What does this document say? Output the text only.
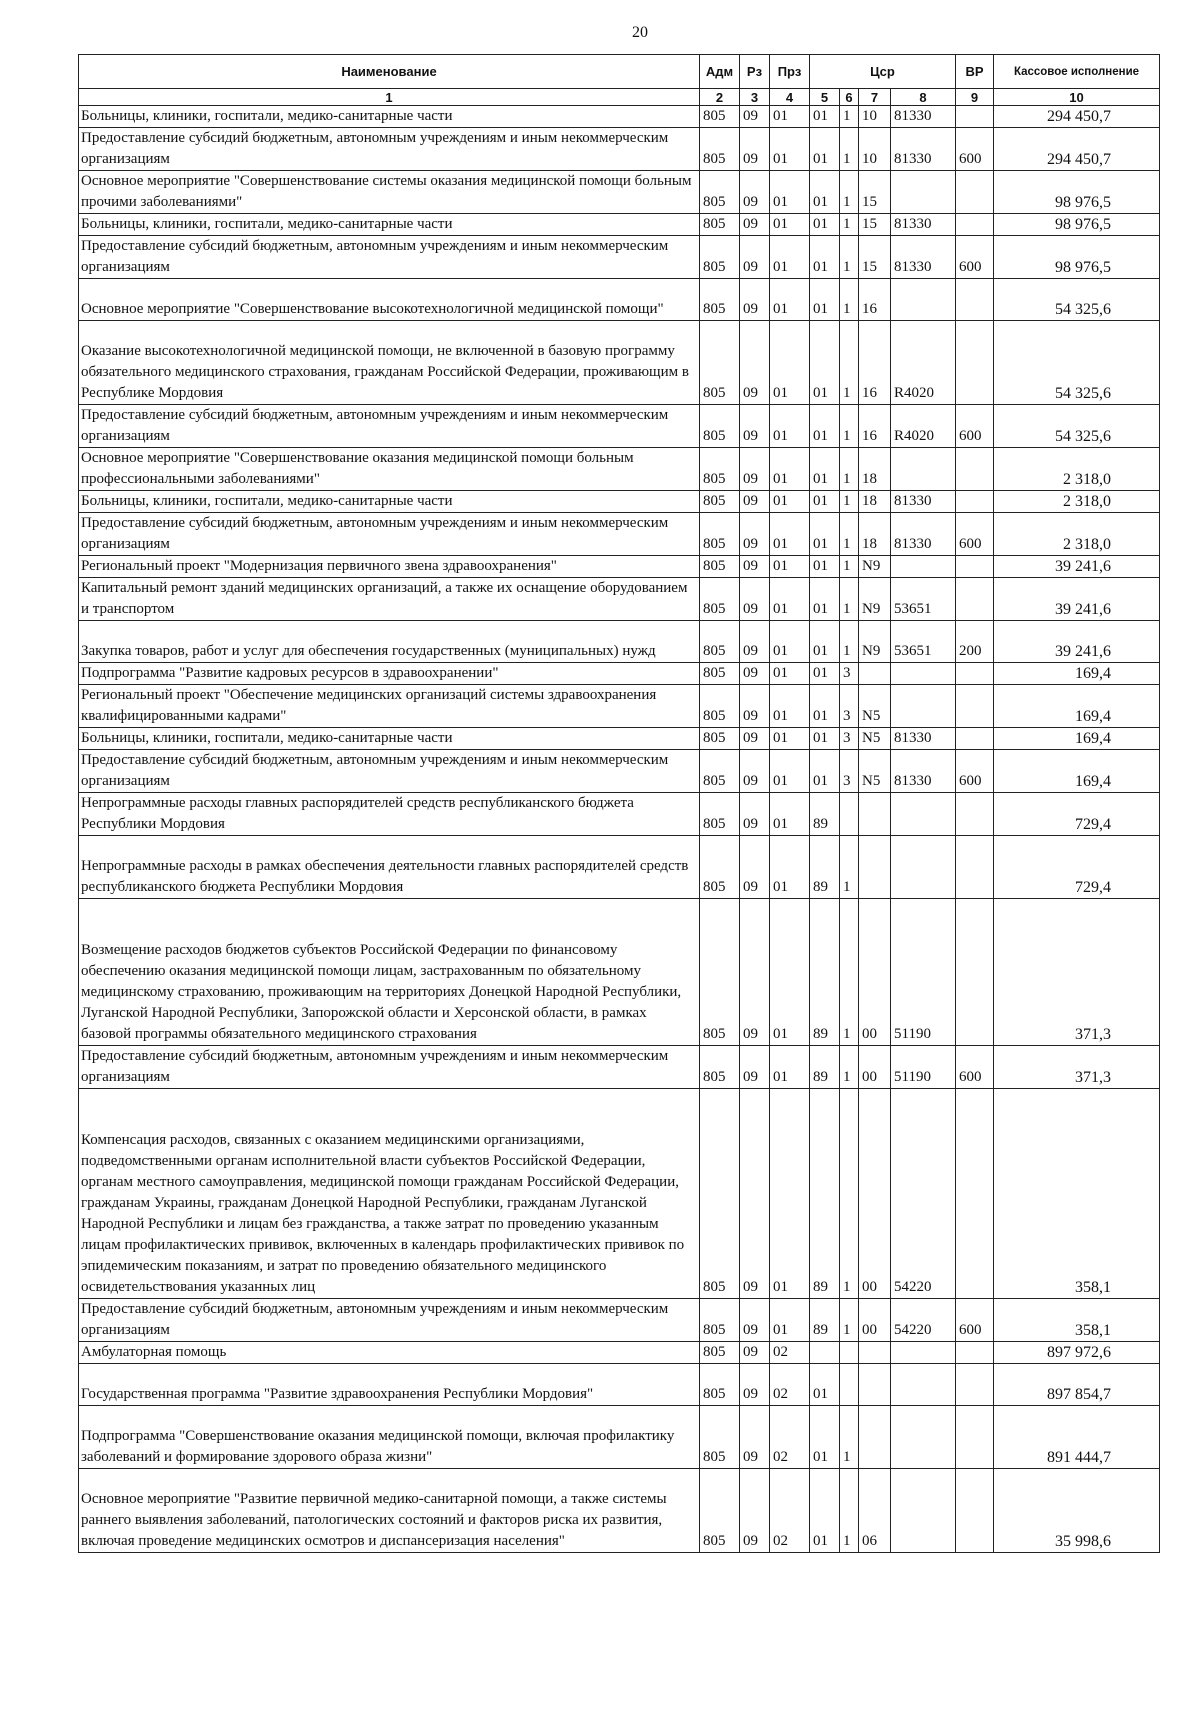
20
Наименование	Адм	Рз	Прз	Цср				ВР	Кассовое исполнение
1	2	3	4	5	6	7	8	9	10
Больницы, клиники, госпитали, медико-санитарные части	805	09	01	01	1	10	81330		294 450,7
Предоставление субсидий бюджетным, автономным учреждениям и иным некоммерческим организациям	805	09	01	01	1	10	81330	600	294 450,7
Основное мероприятие "Совершенствование системы оказания медицинской помощи больным прочими заболеваниями"	805	09	01	01	1	15			98 976,5
Больницы, клиники, госпитали, медико-санитарные части	805	09	01	01	1	15	81330		98 976,5
Предоставление субсидий бюджетным, автономным учреждениям и иным некоммерческим организациям	805	09	01	01	1	15	81330	600	98 976,5
Основное мероприятие "Совершенствование высокотехнологичной медицинской помощи"	805	09	01	01	1	16			54 325,6
Оказание высокотехнологичной медицинской помощи, не включенной в базовую программу обязательного медицинского страхования, гражданам Российской Федерации, проживающим в Республике Мордовия	805	09	01	01	1	16	R4020		54 325,6
Предоставление субсидий бюджетным, автономным учреждениям и иным некоммерческим организациям	805	09	01	01	1	16	R4020	600	54 325,6
Основное мероприятие "Совершенствование оказания медицинской помощи больным профессиональными заболеваниями"	805	09	01	01	1	18			2 318,0
Больницы, клиники, госпитали, медико-санитарные части	805	09	01	01	1	18	81330		2 318,0
Предоставление субсидий бюджетным, автономным учреждениям и иным некоммерческим организациям	805	09	01	01	1	18	81330	600	2 318,0
Региональный проект "Модернизация первичного звена здравоохранения"	805	09	01	01	1	N9			39 241,6
Капитальный ремонт зданий медицинских организаций, а также их оснащение оборудованием и транспортом	805	09	01	01	1	N9	53651		39 241,6
Закупка товаров, работ и услуг для обеспечения государственных (муниципальных) нужд	805	09	01	01	1	N9	53651	200	39 241,6
Подпрограмма "Развитие кадровых ресурсов в здравоохранении"	805	09	01	01	3				169,4
Региональный проект "Обеспечение медицинских организаций системы здравоохранения квалифицированными кадрами"	805	09	01	01	3	N5			169,4
Больницы, клиники, госпитали, медико-санитарные части	805	09	01	01	3	N5	81330		169,4
Предоставление субсидий бюджетным, автономным учреждениям и иным некоммерческим организациям	805	09	01	01	3	N5	81330	600	169,4
Непрограммные расходы главных распорядителей средств республиканского бюджета Республики Мордовия	805	09	01	89					729,4
Непрограммные расходы в рамках обеспечения деятельности главных распорядителей средств республиканского бюджета Республики Мордовия	805	09	01	89	1				729,4
Возмещение расходов бюджетов субъектов Российской Федерации по финансовому обеспечению оказания медицинской помощи лицам, застрахованным по обязательному медицинскому страхованию, проживающим на территориях Донецкой Народной Республики, Луганской Народной Республики, Запорожской области и Херсонской области, в рамках базовой программы обязательного медицинского страхования	805	09	01	89	1	00	51190		371,3
Предоставление субсидий бюджетным, автономным учреждениям и иным некоммерческим организациям	805	09	01	89	1	00	51190	600	371,3
Компенсация расходов, связанных с оказанием медицинскими организациями, подведомственными органам исполнительной власти субъектов Российской Федерации, органам местного самоуправления, медицинской помощи гражданам Российской Федерации, гражданам Украины, гражданам Донецкой Народной Республики, гражданам Луганской Народной Республики и лицам без гражданства, а также затрат по проведению указанным лицам профилактических прививок, включенных в календарь профилактических прививок по эпидемическим показаниям, и затрат по проведению обязательного медицинского освидетельствования указанных лиц	805	09	01	89	1	00	54220		358,1
Предоставление субсидий бюджетным, автономным учреждениям и иным некоммерческим организациям	805	09	01	89	1	00	54220	600	358,1
Амбулаторная помощь	805	09	02						897 972,6
Государственная программа "Развитие здравоохранения Республики Мордовия"	805	09	02	01					897 854,7
Подпрограмма "Совершенствование оказания медицинской помощи, включая профилактику заболеваний и формирование здорового образа жизни"	805	09	02	01	1				891 444,7
Основное мероприятие "Развитие первичной медико-санитарной помощи, а также системы раннего выявления заболеваний, патологических состояний и факторов риска их развития, включая проведение медицинских осмотров и диспансеризация населения"	805	09	02	01	1	06			35 998,6
